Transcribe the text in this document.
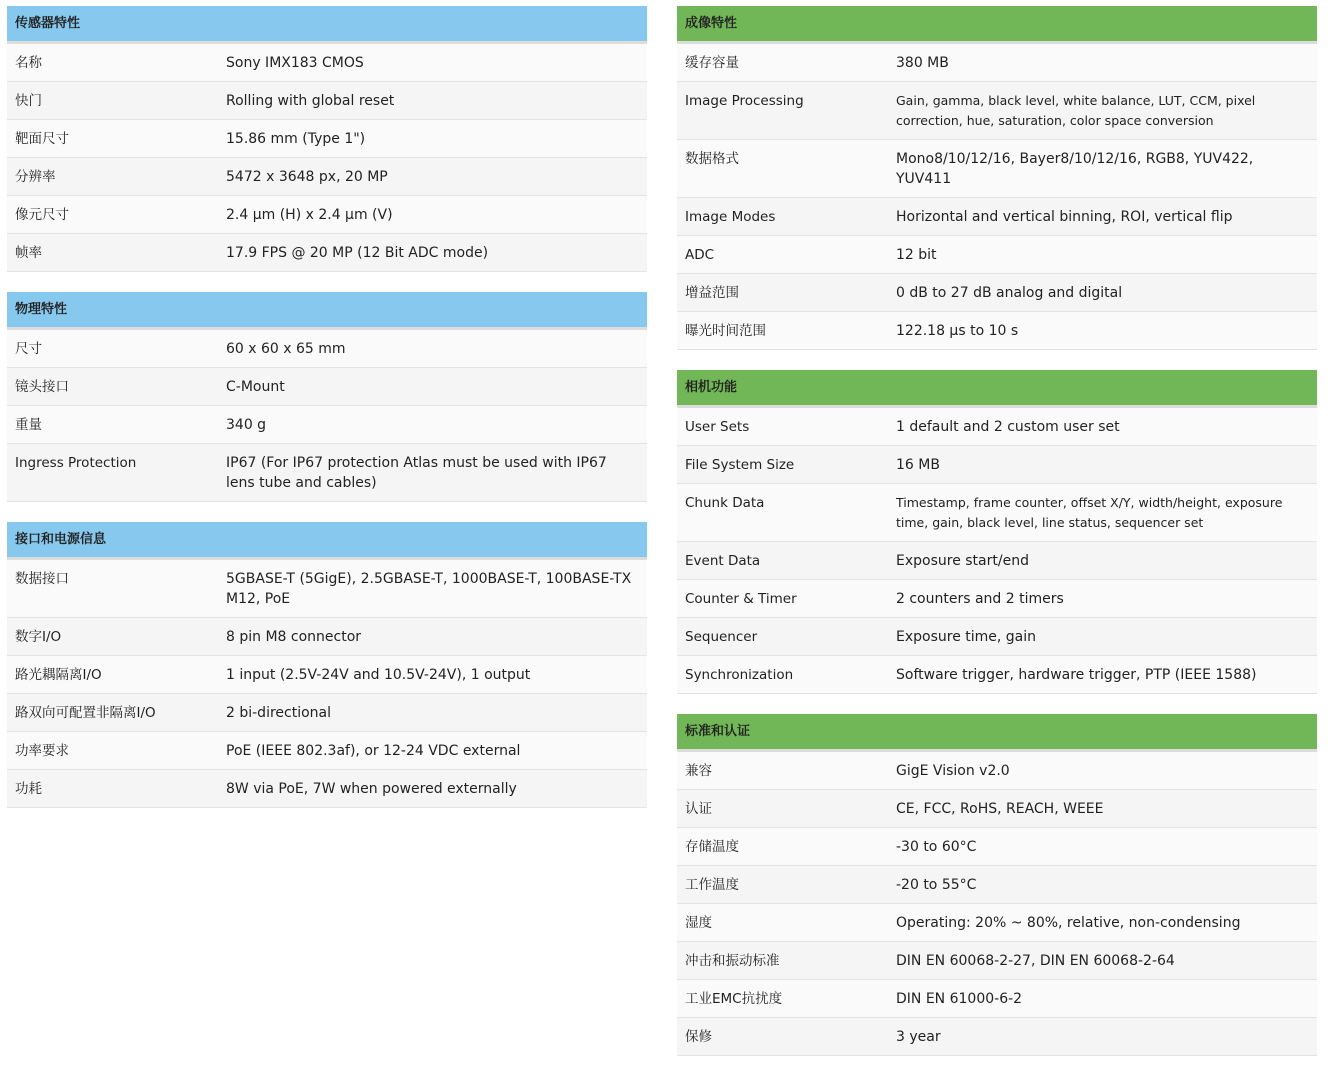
传感器特性
名称	Sony IMX183 CMOS
快门	Rolling with global reset
靶面尺寸	15.86 mm (Type 1")
分辨率	5472 x 3648 px, 20 MP
像元尺寸	2.4 µm (H) x 2.4 µm (V)
帧率	17.9 FPS @ 20 MP (12 Bit ADC mode)
物理特性
尺寸	60 x 60 x 65 mm
镜头接口	C-Mount
重量	340 g
Ingress Protection	IP67 (For IP67 protection Atlas must be used with IP67 lens tube and cables)
接口和电源信息
数据接口	5GBASE-T (5GigE), 2.5GBASE-T, 1000BASE-T, 100BASE-TX M12, PoE
数字I/O	8 pin M8 connector
路光耦隔离I/O	1 input (2.5V-24V and 10.5V-24V), 1 output
路双向可配置非隔离I/O	2 bi-directional
功率要求	PoE (IEEE 802.3af), or 12-24 VDC external
功耗	8W via PoE, 7W when powered externally
成像特性
缓存容量	380 MB
Image Processing	Gain, gamma, black level, white balance, LUT, CCM, pixel correction, hue, saturation, color space conversion
数据格式	Mono8/10/12/16, Bayer8/10/12/16, RGB8, YUV422, YUV411
Image Modes	Horizontal and vertical binning, ROI, vertical flip
ADC	12 bit
增益范围	0 dB to 27 dB analog and digital
曝光时间范围	122.18 µs to 10 s
相机功能
User Sets	1 default and 2 custom user set
File System Size	16 MB
Chunk Data	Timestamp, frame counter, offset X/Y, width/height, exposure time, gain, black level, line status, sequencer set
Event Data	Exposure start/end
Counter & Timer	2 counters and 2 timers
Sequencer	Exposure time, gain
Synchronization	Software trigger, hardware trigger, PTP (IEEE 1588)
标准和认证
兼容	GigE Vision v2.0
认证	CE, FCC, RoHS, REACH, WEEE
存储温度	-30 to 60°C
工作温度	-20 to 55°C
湿度	Operating: 20% ~ 80%, relative, non-condensing
冲击和振动标准	DIN EN 60068-2-27, DIN EN 60068-2-64
工业EMC抗扰度	DIN EN 61000-6-2
保修	3 year
